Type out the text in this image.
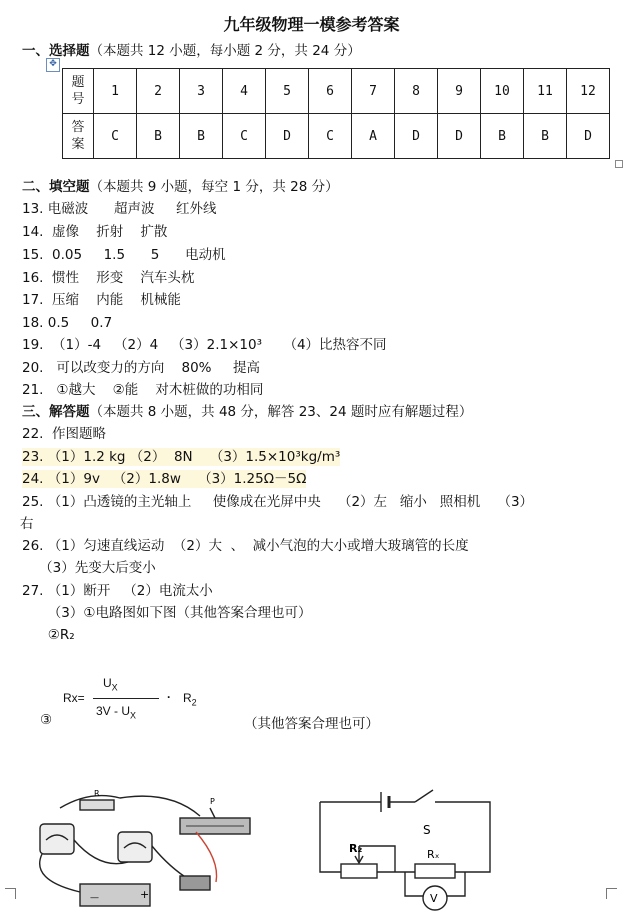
九年级物理一模参考答案
一、选择题（本题共 12 小题，每小题 2 分，共 24 分）
✥
题
号	1	2	3	4	5	6	7	8	9	10	11	12
答
案	C	B	B	C	D	C	A	D	D	B	B	D
二、填空题（本题共 9 小题，每空 1 分，共 28 分）
13. 电磁波      超声波     红外线
14.  虚像    折射    扩散
15.  0.05     1.5      5      电动机
16.  惯性    形变    汽车头枕
17.  压缩    内能    机械能
18. 0.5     0.7
19.  （1）-4   （2）4   （3）2.1×10³     （4）比热容不同
20.   可以改变力的方向    80%     提高
21.   ①越大    ②能    对木桩做的功相同
三、解答题（本题共 8 小题，共 48 分，解答 23、24 题时应有解题过程）
22.  作图题略
23. （1）1.2 kg （2）  8N    （3）1.5×10³kg/m³
24. （1）9v   （2）1.8w    （3）1.25Ω－5Ω
25. （1）凸透镜的主光轴上     使像成在光屏中央    （2）左   缩小   照相机    （3）
右
26. （1）匀速直线运动  （2）大  、  减小气泡的大小或增大玻璃管的长度
（3）先变大后变小
27. （1）断开   （2）电流太小
（3）①电路图如下图（其他答案合理也可）
②R₂
Rx=
$U_X$
$3V - U_X$
· $R_2$
③	（其他答案合理也可）
R
P
—	+
S
R₂	Rₓ
V
